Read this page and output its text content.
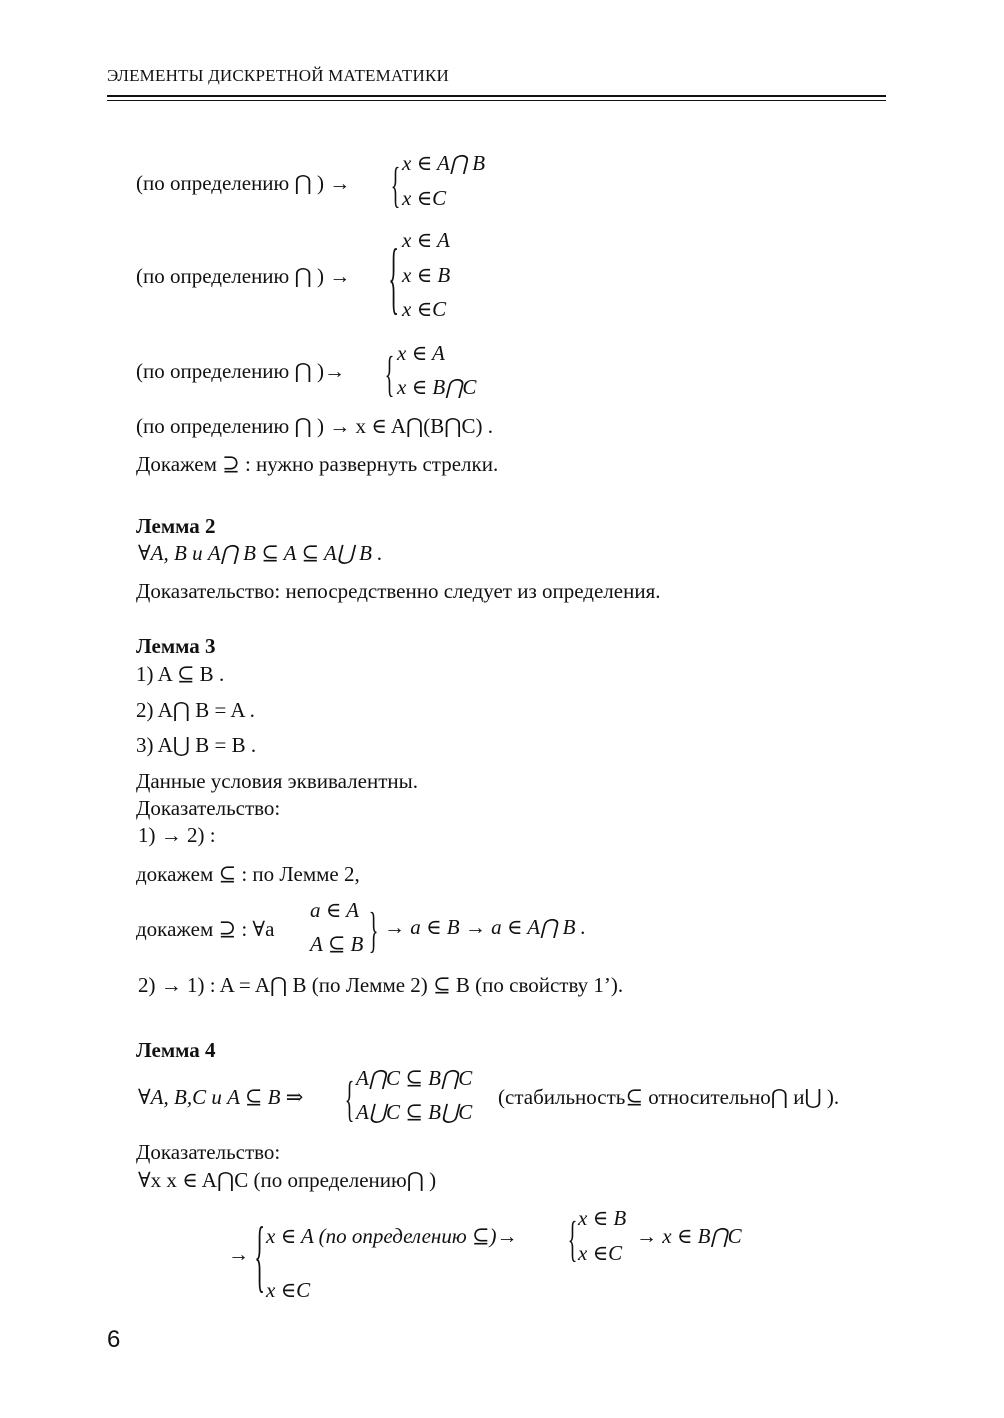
ЭЛЕМЕНТЫ ДИСКРЕТНОЙ МАТЕМАТИКИ
(по определению ⋂ ) → { x ∈ A⋂ B
x ∈C
(по определению ⋂ ) → { x ∈ A
x ∈ B
x ∈C
(по определению ⋂ )→ { x ∈ A
x ∈ B⋂C
(по определению ⋂ ) → x ∈ A⋂(B⋂C) .
Докажем ⊇ : нужно развернуть стрелки.
Лемма 2
∀A, B и A⋂ B ⊆ A ⊆ A⋃ B .
Доказательство: непосредственно следует из определения.
Лемма 3
1) A ⊆ B .
2) A⋂ B = A .
3) A⋃ B = B .
Данные условия эквивалентны.
Доказательство:
1) → 2) :
докажем ⊆ : по Лемме 2,
докажем ⊇ : ∀a
a ∈ A
A ⊆ B } → a ∈ B → a ∈ A⋂ B .
2) → 1) : A = A⋂ B (по Лемме 2) ⊆ B (по свойству 1’).
Лемма 4
∀A, B,C и A ⊆ B ⇒ { A⋂C ⊆ B⋂C
A⋃C ⊆ B⋃C
(стабильность⊆ относительно⋂ и⋃ ).
Доказательство:
∀x x ∈ A⋂C (по определению⋂ )
→ { x ∈ A (по определению ⊆)→ { x ∈ B
x ∈C
→ x ∈ B⋂C
x ∈C
6
